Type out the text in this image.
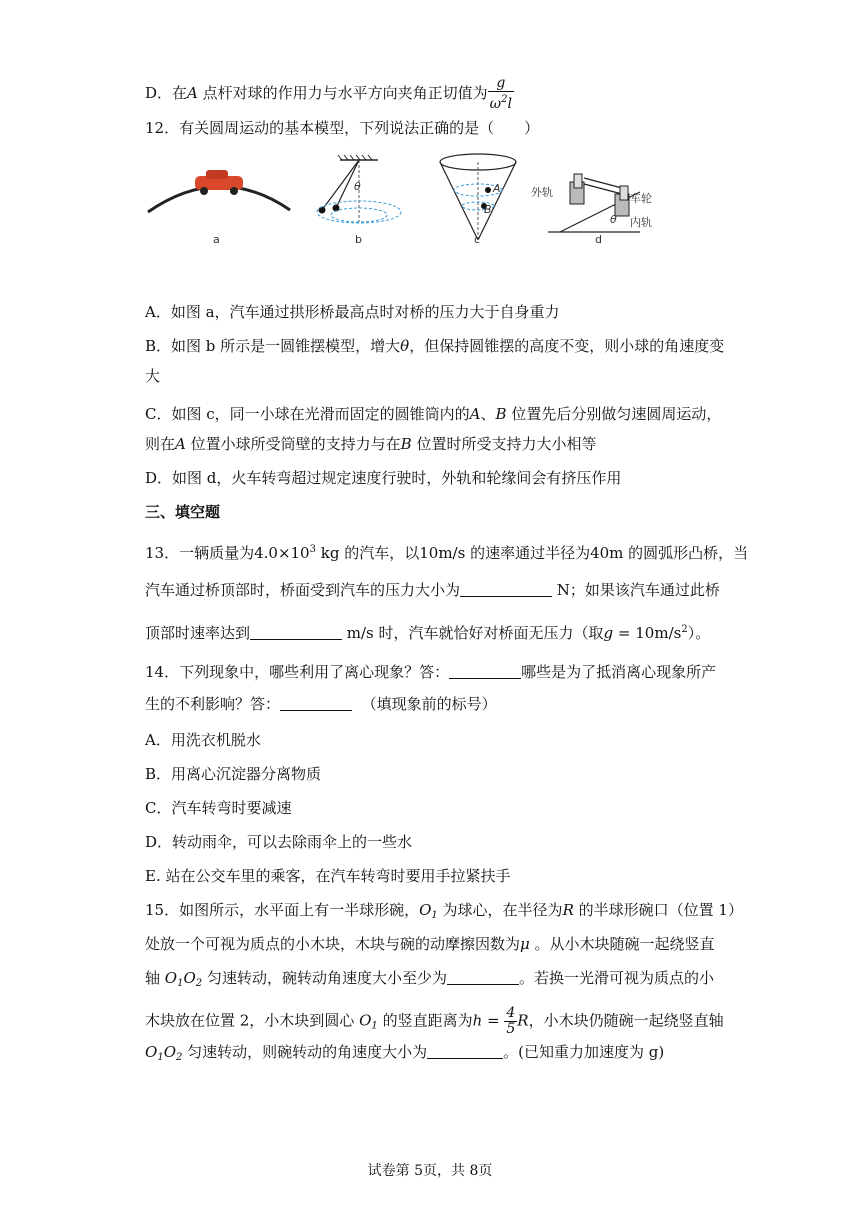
D．在A 点杆对球的作用力与水平方向夹角正切值为 $\frac{g}{\omega^2l}$
12．有关圆周运动的基本模型，下列说法正确的是（　　）
a	b	c	d
θ	A
B
外轨	车轮
内轨
θ
A．如图 a，汽车通过拱形桥最高点时对桥的压力大于自身重力
B．如图 b 所示是一圆锥摆模型，增大θ，但保持圆锥摆的高度不变，则小球的角速度变
大
C．如图 c，同一小球在光滑而固定的圆锥筒内的A、B 位置先后分别做匀速圆周运动，
则在A 位置小球所受筒壁的支持力与在B 位置时所受支持力大小相等
D．如图 d，火车转弯超过规定速度行驶时，外轨和轮缘间会有挤压作用
三、填空题
13．一辆质量为$4.0\times 10^3$ kg 的汽车，以10m/s 的速率通过半径为40m 的圆弧形凸桥，当
汽车通过桥顶部时，桥面受到汽车的压力大小为	N；如果该汽车通过此桥
顶部时速率达到	m/s 时，汽车就恰好对桥面无压力（取$g = 10m/s^2$）。
14．下列现象中，哪些利用了离心现象？答：	哪些是为了抵消离心现象所产
生的不利影响？答：	（填现象前的标号）
A．用洗衣机脱水
B．用离心沉淀器分离物质
C．汽车转弯时要减速
D．转动雨伞，可以去除雨伞上的一些水
E. 站在公交车里的乘客，在汽车转弯时要用手拉紧扶手
15．如图所示，水平面上有一半球形碗，$O_1$ 为球心，在半径为R 的半球形碗口（位置 1）
处放一个可视为质点的小木块，木块与碗的动摩擦因数为μ 。从小木块随碗一起绕竖直
轴 $O_1O_2$ 匀速转动，碗转动角速度大小至少为	。若换一光滑可视为质点的小
木块放在位置 2，小木块到圆心 $O_1$ 的竖直距离为$h = \frac{4}{5}$ R，小木块仍随碗一起绕竖直轴
$O_1O_2$ 匀速转动，则碗转动的角速度大小为	。(已知重力加速度为 g)
试卷第 5页，共 8页
